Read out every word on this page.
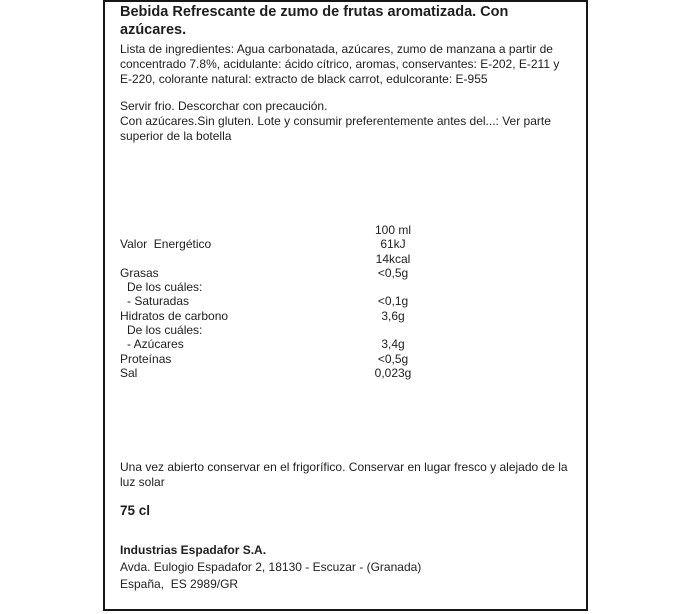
Bebida Refrescante de zumo de frutas aromatizada. Con azúcares.
Lista de ingredientes: Agua carbonatada, azúcares, zumo de manzana a partir de concentrado 7.8%, acidulante: ácido cítrico, aromas, conservantes: E-202, E-211 y E-220, colorante natural: extracto de black carrot, edulcorante: E-955
Servir frio. Descorchar con precaución.
Con azúcares.Sin gluten. Lote y consumir preferentemente antes del...: Ver parte superior de la botella
100 ml
Valor  Energético	61kJ
14kcal
Grasas	<0,5g
De los cuáles:
- Saturadas	<0,1g
Hidratos de carbono	3,6g
De los cuáles:
- Azúcares	3,4g
Proteínas	<0,5g
Sal	0,023g
Una vez abierto conservar en el frigorífico. Conservar en lugar fresco y alejado de la luz solar
75 cl
Industrias Espadafor S.A.
Avda. Eulogio Espadafor 2, 18130 - Escuzar - (Granada)
España,  ES 2989/GR
